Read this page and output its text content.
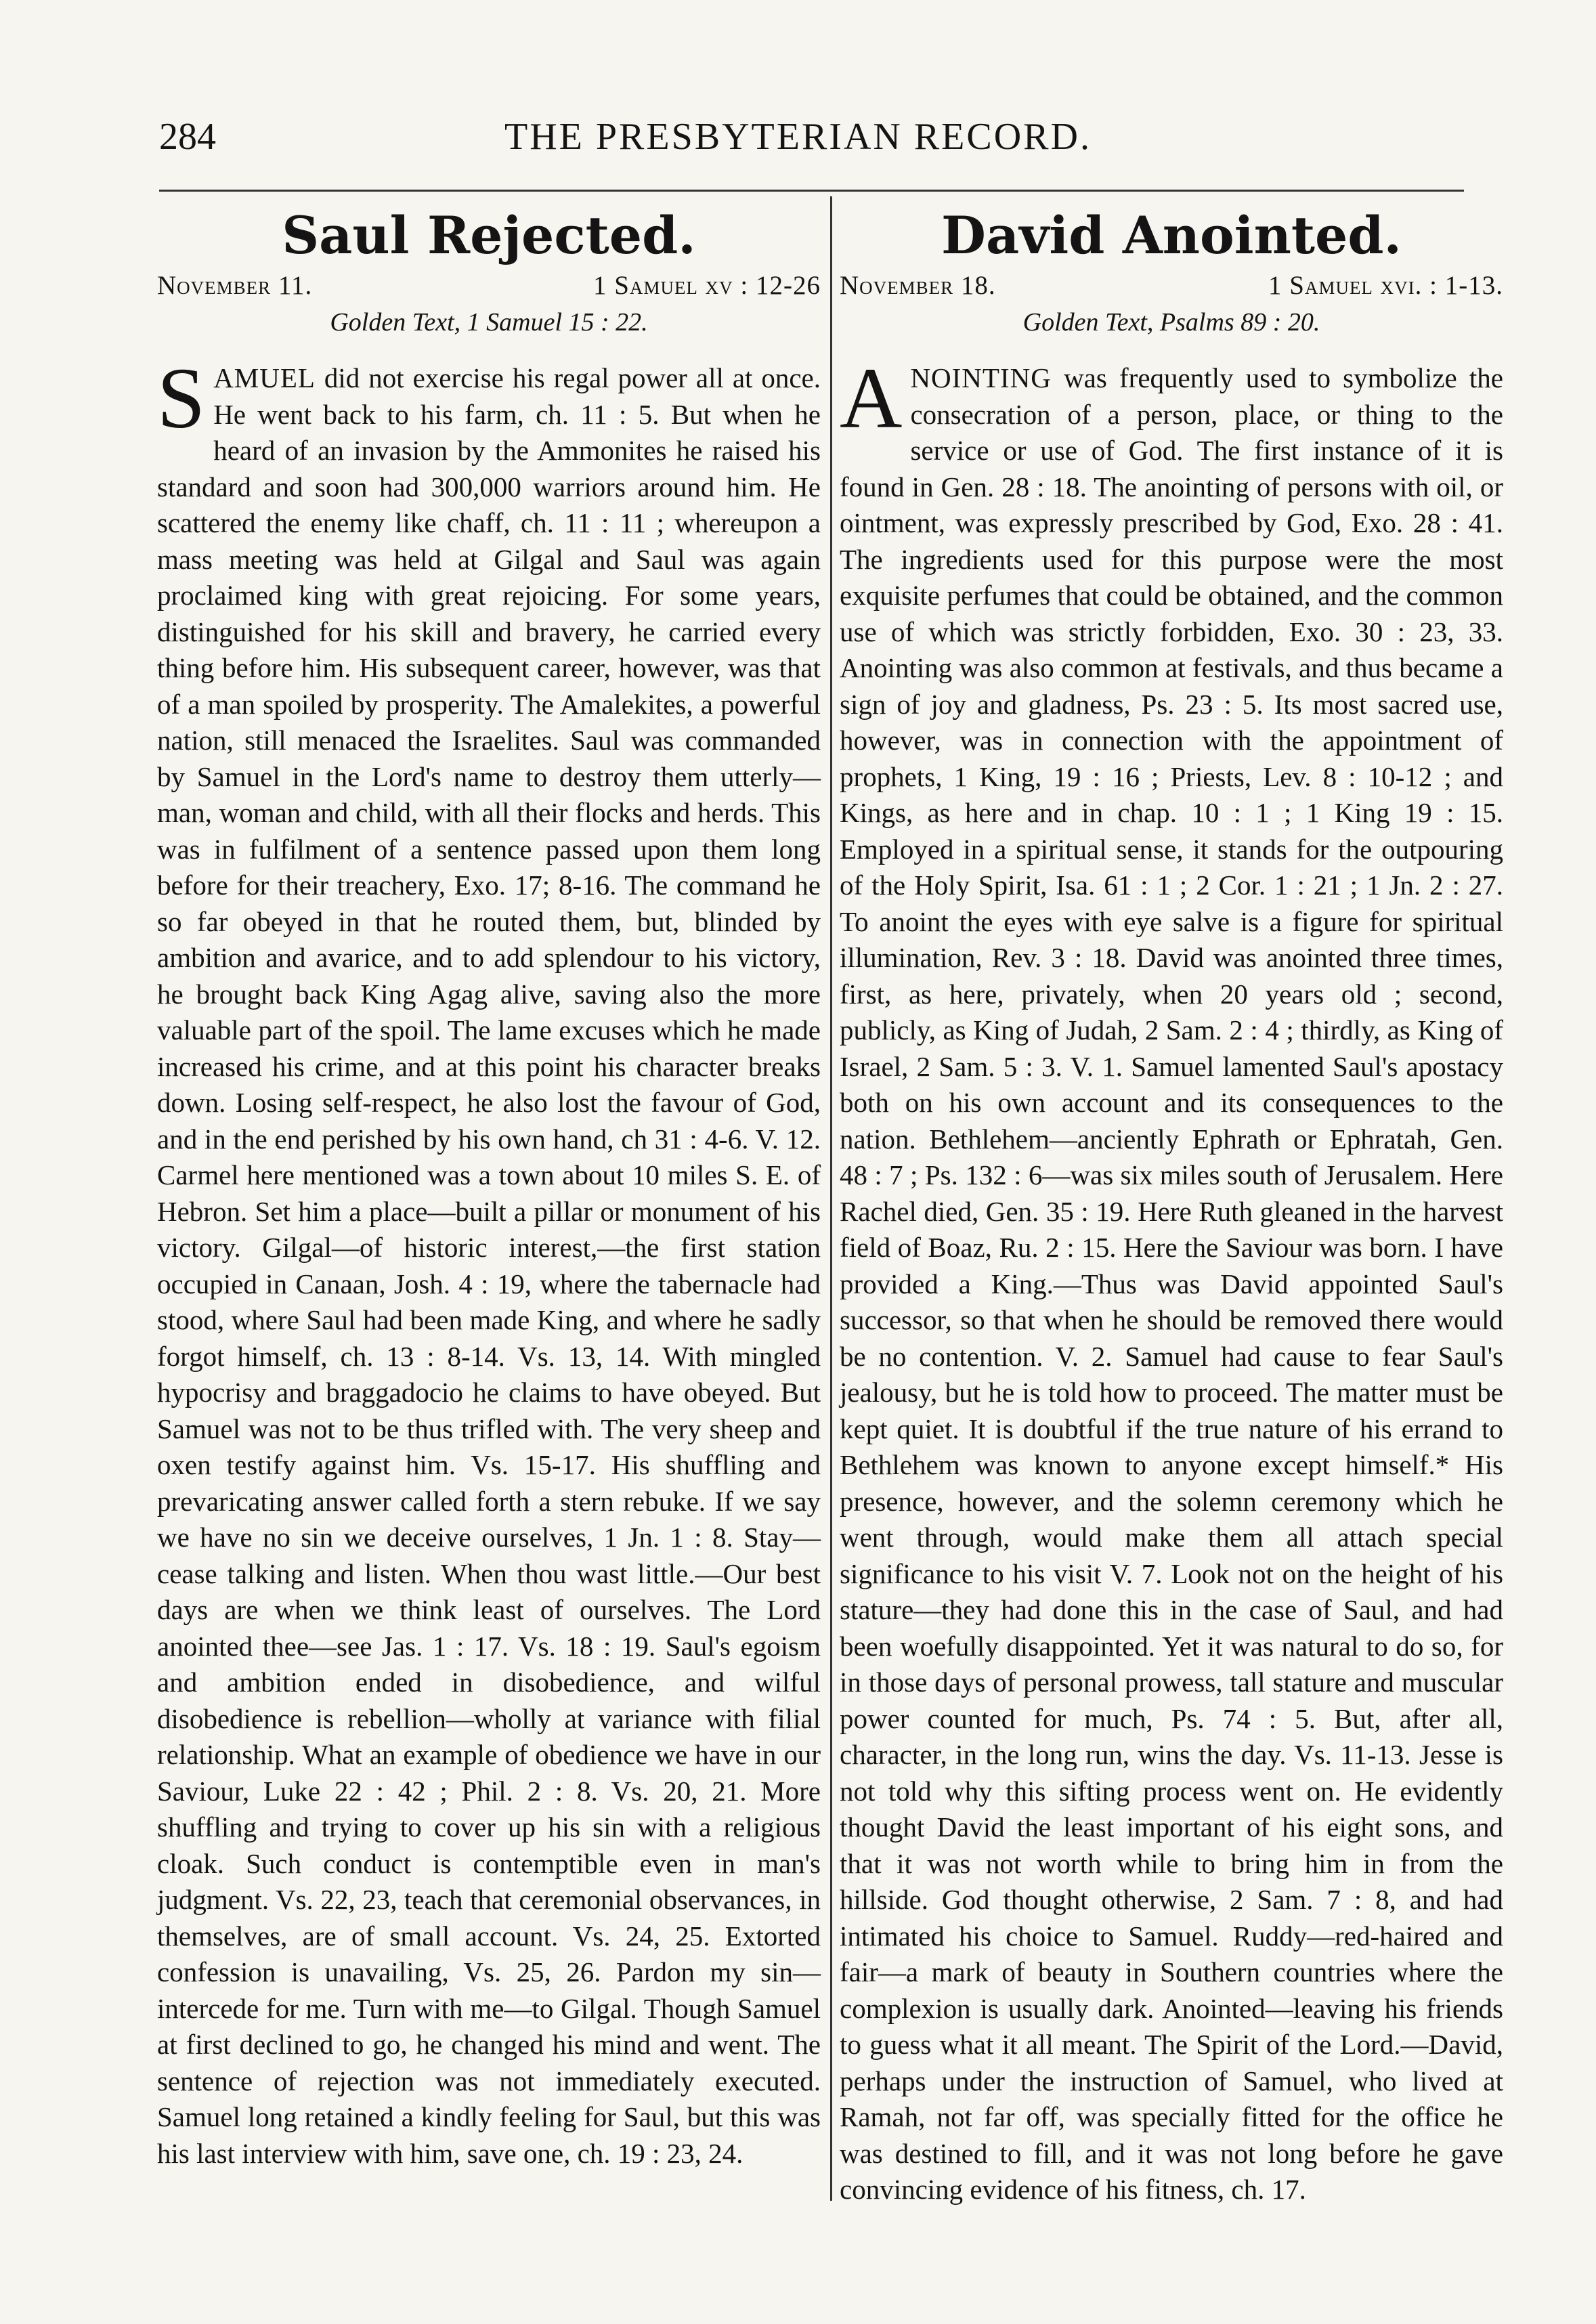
284	THE PRESBYTERIAN RECORD.
Saul Rejected.
November 11.	1 Samuel xv : 12-26
Golden Text, 1 Samuel 15 : 22.

SAMUEL did not exercise his regal power all at once. He went back to his farm, ch. 11 : 5. But when he heard of an invasion by the Ammonites he raised his standard and soon had 300,000 warriors around him. He scattered the enemy like chaff, ch. 11 : 11 ; whereupon a mass meeting was held at Gilgal and Saul was again proclaimed king with great rejoicing. For some years, distinguished for his skill and bravery, he carried every thing before him. His subsequent career, however, was that of a man spoiled by prosperity. The Amalekites, a powerful nation, still menaced the Israelites. Saul was commanded by Samuel in the Lord's name to destroy them utterly—man, woman and child, with all their flocks and herds. This was in fulfilment of a sentence passed upon them long before for their treachery, Exo. 17; 8-16. The command he so far obeyed in that he routed them, but, blinded by ambition and avarice, and to add splendour to his victory, he brought back King Agag alive, saving also the more valuable part of the spoil. The lame excuses which he made increased his crime, and at this point his character breaks down. Losing self-respect, he also lost the favour of God, and in the end perished by his own hand, ch 31 : 4-6. V. 12. Carmel here mentioned was a town about 10 miles S. E. of Hebron. Set him a place—built a pillar or monument of his victory. Gilgal—of historic interest,—the first station occupied in Canaan, Josh. 4 : 19, where the tabernacle had stood, where Saul had been made King, and where he sadly forgot himself, ch. 13 : 8-14. Vs. 13, 14. With mingled hypocrisy and braggadocio he claims to have obeyed. But Samuel was not to be thus trifled with. The very sheep and oxen testify against him. Vs. 15-17. His shuffling and prevaricating answer called forth a stern rebuke. If we say we have no sin we deceive ourselves, 1 Jn. 1 : 8. Stay—cease talking and listen. When thou wast little.—Our best days are when we think least of ourselves. The Lord anointed thee—see Jas. 1 : 17. Vs. 18 : 19. Saul's egoism and ambition ended in disobedience, and wilful disobedience is rebellion—wholly at variance with filial relationship. What an example of obedience we have in our Saviour, Luke 22 : 42 ; Phil. 2 : 8. Vs. 20, 21. More shuffling and trying to cover up his sin with a religious cloak. Such conduct is contemptible even in man's judgment. Vs. 22, 23, teach that ceremonial observances, in themselves, are of small account. Vs. 24, 25. Extorted confession is unavailing, Vs. 25, 26. Pardon my sin—intercede for me. Turn with me—to Gilgal. Though Samuel at first declined to go, he changed his mind and went. The sentence of rejection was not immediately executed. Samuel long retained a kindly feeling for Saul, but this was his last interview with him, save one, ch. 19 : 23, 24.

David Anointed.
November 18.	1 Samuel xvi. : 1-13.
Golden Text, Psalms 89 : 20.

ANOINTING was frequently used to symbolize the consecration of a person, place, or thing to the service or use of God. The first instance of it is found in Gen. 28 : 18. The anointing of persons with oil, or ointment, was expressly prescribed by God, Exo. 28 : 41. The ingredients used for this purpose were the most exquisite perfumes that could be obtained, and the common use of which was strictly forbidden, Exo. 30 : 23, 33. Anointing was also common at festivals, and thus became a sign of joy and gladness, Ps. 23 : 5. Its most sacred use, however, was in connection with the appointment of prophets, 1 King, 19 : 16 ; Priests, Lev. 8 : 10-12 ; and Kings, as here and in chap. 10 : 1 ; 1 King 19 : 15. Employed in a spiritual sense, it stands for the outpouring of the Holy Spirit, Isa. 61 : 1 ; 2 Cor. 1 : 21 ; 1 Jn. 2 : 27. To anoint the eyes with eye salve is a figure for spiritual illumination, Rev. 3 : 18. David was anointed three times, first, as here, privately, when 20 years old ; second, publicly, as King of Judah, 2 Sam. 2 : 4 ; thirdly, as King of Israel, 2 Sam. 5 : 3. V. 1. Samuel lamented Saul's apostacy both on his own account and its consequences to the nation. Bethlehem—anciently Ephrath or Ephratah, Gen. 48 : 7 ; Ps. 132 : 6—was six miles south of Jerusalem. Here Rachel died, Gen. 35 : 19. Here Ruth gleaned in the harvest field of Boaz, Ru. 2 : 15. Here the Saviour was born. I have provided a King.—Thus was David appointed Saul's successor, so that when he should be removed there would be no contention. V. 2. Samuel had cause to fear Saul's jealousy, but he is told how to proceed. The matter must be kept quiet. It is doubtful if the true nature of his errand to Bethlehem was known to anyone except himself.* His presence, however, and the solemn ceremony which he went through, would make them all attach special significance to his visit V. 7. Look not on the height of his stature—they had done this in the case of Saul, and had been woefully disappointed. Yet it was natural to do so, for in those days of personal prowess, tall stature and muscular power counted for much, Ps. 74 : 5. But, after all, character, in the long run, wins the day. Vs. 11-13. Jesse is not told why this sifting process went on. He evidently thought David the least important of his eight sons, and that it was not worth while to bring him in from the hillside. God thought otherwise, 2 Sam. 7 : 8, and had intimated his choice to Samuel. Ruddy—red-haired and fair—a mark of beauty in Southern countries where the complexion is usually dark. Anointed—leaving his friends to guess what it all meant. The Spirit of the Lord.—David, perhaps under the instruction of Samuel, who lived at Ramah, not far off, was specially fitted for the office he was destined to fill, and it was not long before he gave convincing evidence of his fitness, ch. 17.
